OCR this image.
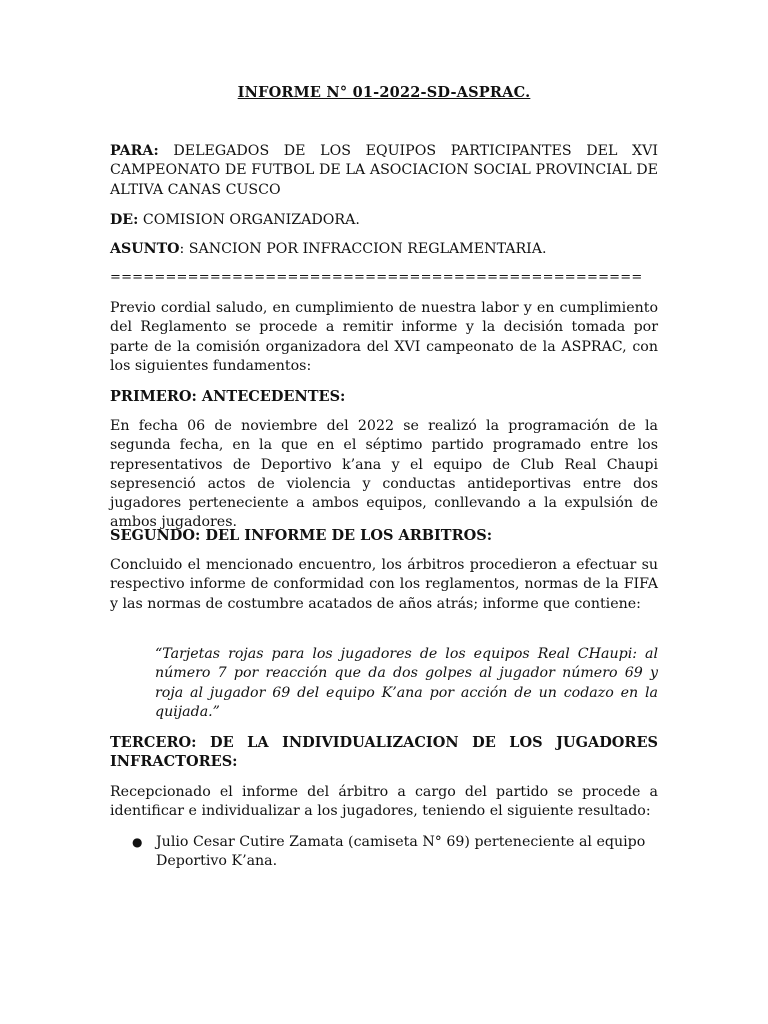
INFORME N° 01-2022-SD-ASPRAC.
PARA: DELEGADOS DE LOS EQUIPOS PARTICIPANTES DEL XVI CAMPEONATO DE FUTBOL DE LA ASOCIACION SOCIAL PROVINCIAL DE ALTIVA CANAS CUSCO
DE: COMISION ORGANIZADORA.
ASUNTO: SANCION POR INFRACCION REGLAMENTARIA.
================================================
Previo cordial saludo, en cumplimiento de nuestra labor y en cumplimiento del Reglamento se procede a remitir informe y la decisión tomada por parte de la comisión organizadora del XVI campeonato de la ASPRAC, con los siguientes fundamentos:
PRIMERO: ANTECEDENTES:
En fecha 06 de noviembre del 2022 se realizó la programación de la segunda fecha, en la que en el séptimo partido programado entre los representativos de Deportivo k’ana y el equipo de Club Real Chaupi sepresenció actos de violencia y conductas antideportivas entre dos jugadores perteneciente a ambos equipos, conllevando a la expulsión de ambos jugadores.
SEGUNDO: DEL INFORME DE LOS ARBITROS:
Concluido el mencionado encuentro, los árbitros procedieron a efectuar su respectivo informe de conformidad con los reglamentos, normas de la FIFA y las normas de costumbre acatados de años atrás; informe que contiene:
“Tarjetas rojas para los jugadores de los equipos Real CHaupi: al número 7 por reacción que da dos golpes al jugador número 69 y roja al jugador 69 del equipo K’ana por acción de un codazo en la quijada.”
TERCERO: DE LA INDIVIDUALIZACION DE LOS JUGADORES INFRACTORES:
Recepcionado el informe del árbitro a cargo del partido se procede a identificar e individualizar a los jugadores, teniendo el siguiente resultado:
● Julio Cesar Cutire Zamata (camiseta N° 69) perteneciente al equipo Deportivo K’ana.
